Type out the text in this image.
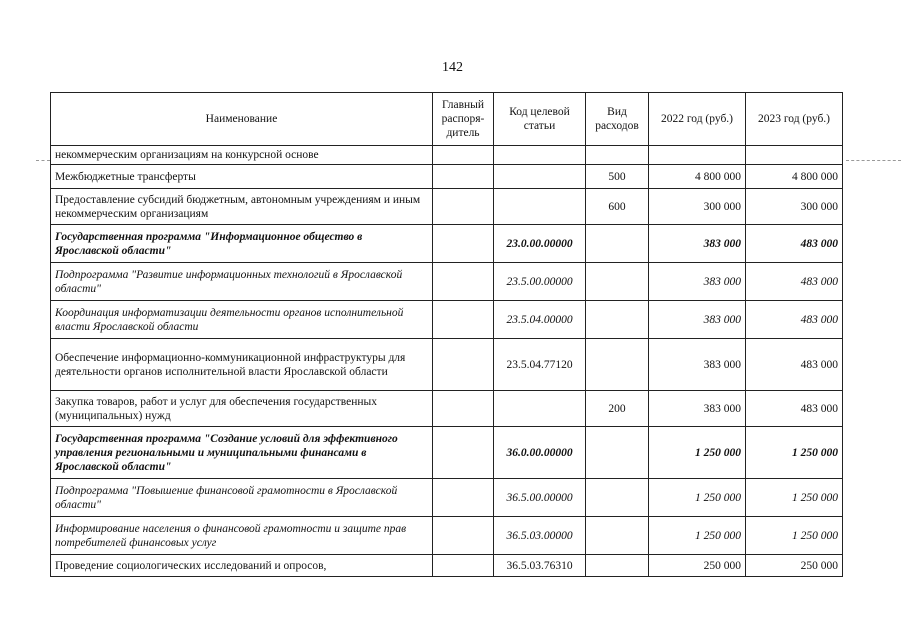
142
Наименование	Главный распоря-дитель	Код целевой статьи	Вид расходов	2022 год (руб.)	2023 год (руб.)
некоммерческим организациям на конкурсной основе					
Межбюджетные трансферты			500	4 800 000	4 800 000
Предоставление субсидий бюджетным, автономным учреждениям и иным некоммерческим организациям			600	300 000	300 000
Государственная программа "Информационное общество в Ярославской области"		23.0.00.00000		383 000	483 000
Подпрограмма "Развитие информационных технологий в Ярославской области"		23.5.00.00000		383 000	483 000
Координация информатизации деятельности органов исполнительной власти Ярославской области		23.5.04.00000		383 000	483 000
Обеспечение информационно-коммуникационной инфраструктуры для деятельности органов исполнительной власти Ярославской области		23.5.04.77120		383 000	483 000
Закупка товаров, работ и услуг для обеспечения государственных (муниципальных) нужд			200	383 000	483 000
Государственная программа "Создание условий для эффективного управления региональными и муниципальными финансами в Ярославской области"		36.0.00.00000		1 250 000	1 250 000
Подпрограмма "Повышение финансовой грамотности в Ярославской области"		36.5.00.00000		1 250 000	1 250 000
Информирование населения о финансовой грамотности и защите прав потребителей финансовых услуг		36.5.03.00000		1 250 000	1 250 000
Проведение социологических исследований и опросов,		36.5.03.76310		250 000	250 000
